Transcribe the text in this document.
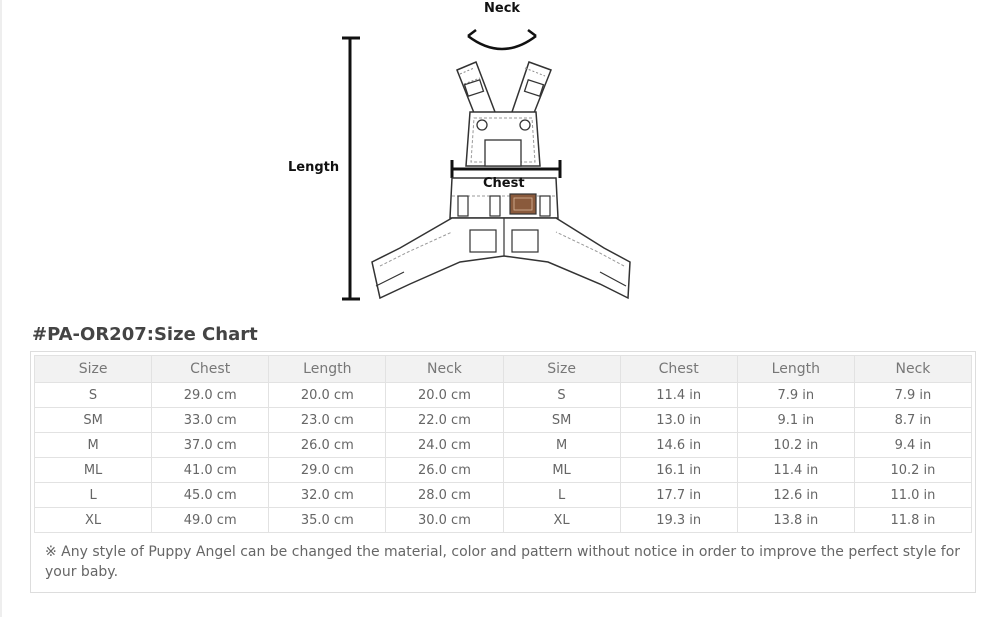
Neck
Length
Chest
#PA-OR207:Size Chart
Size	Chest	Length	Neck	Size	Chest	Length	Neck
S	29.0 cm	20.0 cm	20.0 cm	S	11.4 in	7.9 in	7.9 in
SM	33.0 cm	23.0 cm	22.0 cm	SM	13.0 in	9.1 in	8.7 in
M	37.0 cm	26.0 cm	24.0 cm	M	14.6 in	10.2 in	9.4 in
ML	41.0 cm	29.0 cm	26.0 cm	ML	16.1 in	11.4 in	10.2 in
L	45.0 cm	32.0 cm	28.0 cm	L	17.7 in	12.6 in	11.0 in
XL	49.0 cm	35.0 cm	30.0 cm	XL	19.3 in	13.8 in	11.8 in
※ Any style of Puppy Angel can be changed the material, color and pattern without notice in order to improve the perfect style for your baby.
